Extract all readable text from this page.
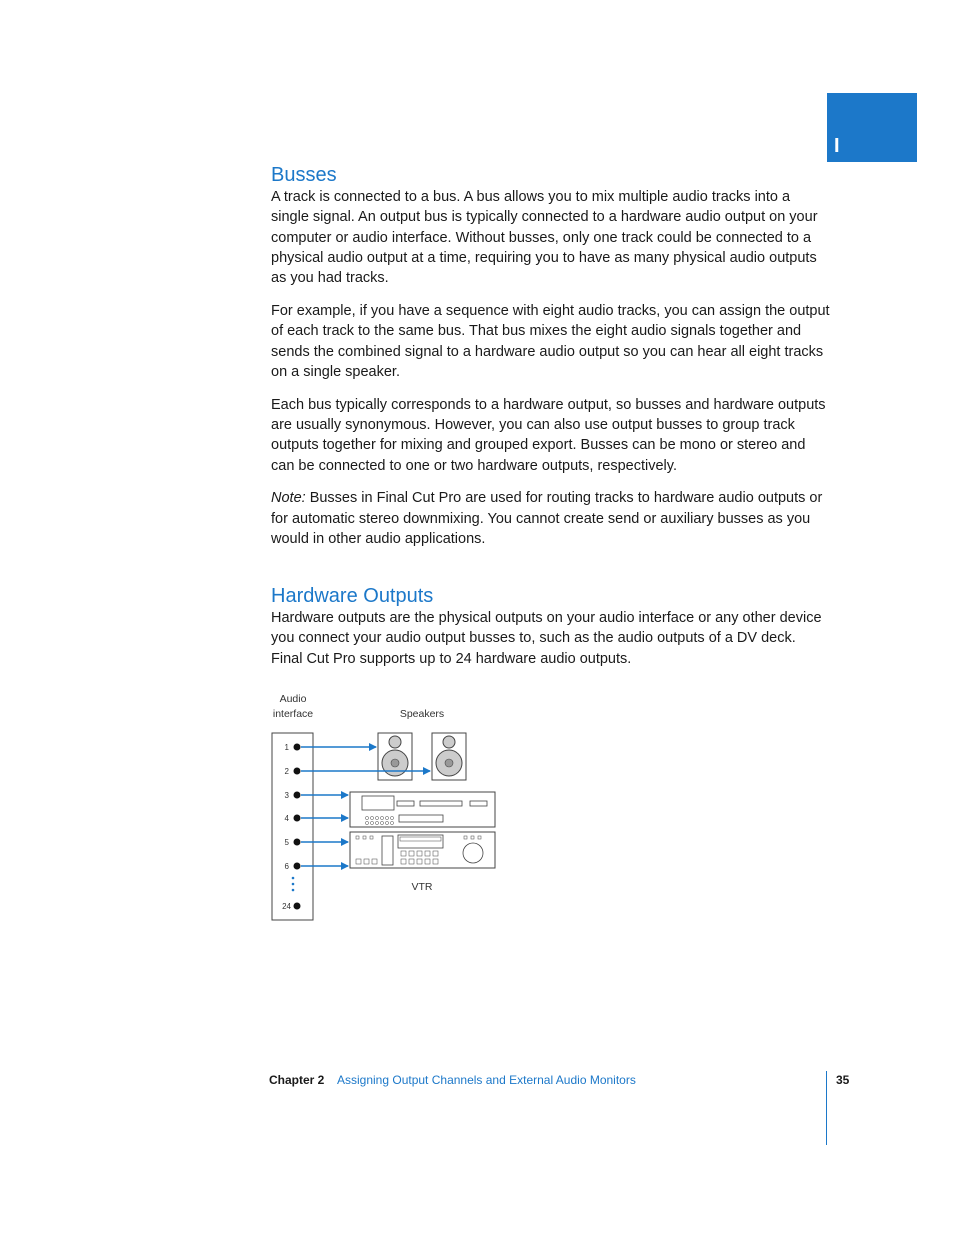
I
Busses

A track is connected to a bus. A bus allows you to mix multiple audio tracks into a single signal. An output bus is typically connected to a hardware audio output on your computer or audio interface. Without busses, only one track could be connected to a physical audio output at a time, requiring you to have as many physical audio outputs as you had tracks.

For example, if you have a sequence with eight audio tracks, you can assign the output of each track to the same bus. That bus mixes the eight audio signals together and sends the combined signal to a hardware audio output so you can hear all eight tracks on a single speaker.

Each bus typically corresponds to a hardware output, so busses and hardware outputs are usually synonymous. However, you can also use output busses to group track outputs together for mixing and grouped export. Busses can be mono or stereo and can be connected to one or two hardware outputs, respectively.

Note: Busses in Final Cut Pro are used for routing tracks to hardware audio outputs or for automatic stereo downmixing. You cannot create send or auxiliary busses as you would in other audio applications.

Hardware Outputs

Hardware outputs are the physical outputs on your audio interface or any other device you connect your audio output busses to, such as the audio outputs of a DV deck. Final Cut Pro supports up to 24 hardware audio outputs.

Audio
interface	Speakers
VTR
1
2
3
4
5
6
24
Chapter 2 Assigning Output Channels and External Audio Monitors	35
